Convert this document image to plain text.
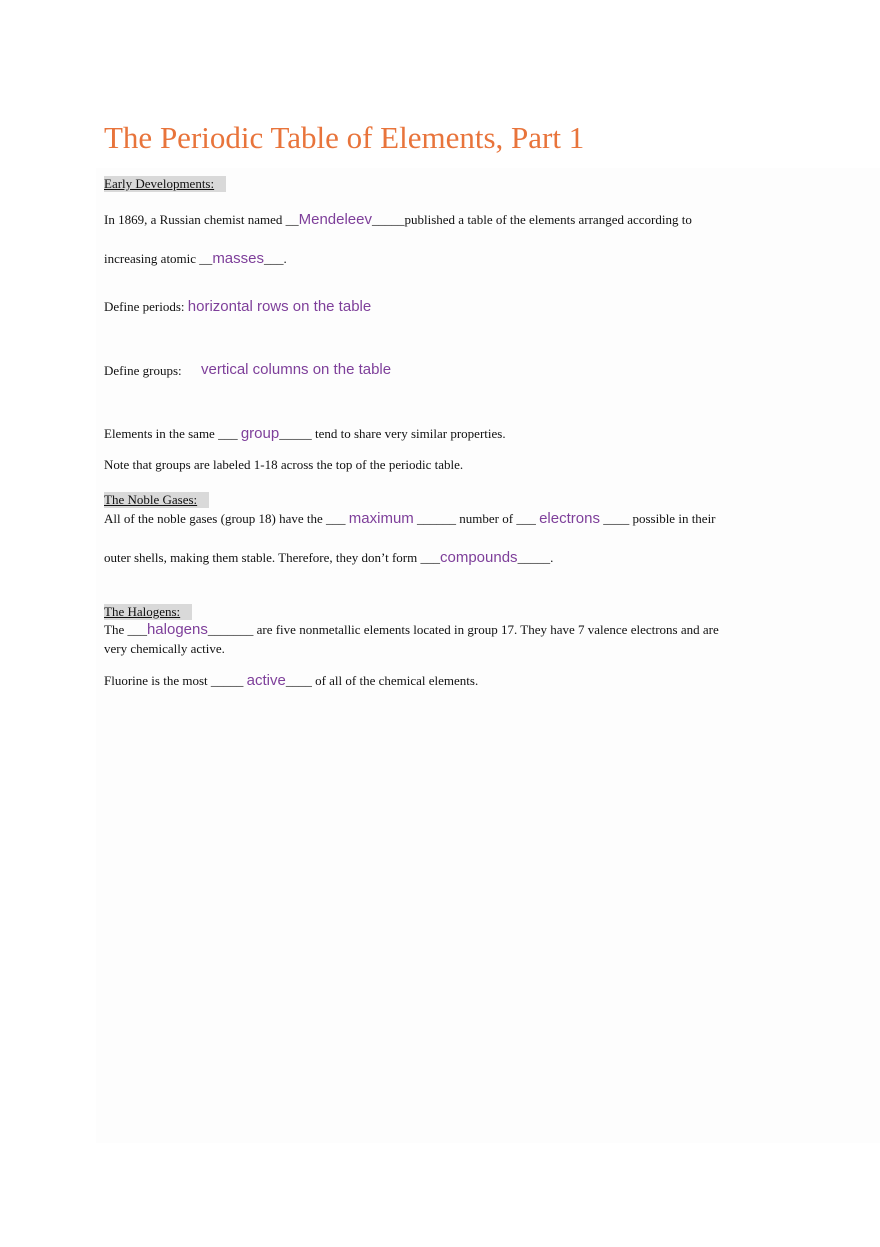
The Periodic Table of Elements, Part 1
Early Developments:
In 1869, a Russian chemist named __Mendeleev_____published a table of the elements arranged according to
increasing atomic __masses___.
Define periods: horizontal rows on the table
Define groups: vertical columns on the table
Elements in the same ___ group_____ tend to share very similar properties.
Note that groups are labeled 1-18 across the top of the periodic table.
The Noble Gases:
All of the noble gases (group 18) have the ___ maximum ______ number of ___ electrons ____ possible in their
outer shells, making them stable. Therefore, they don’t form ___compounds_____.
The Halogens:
The ___halogens_______ are five nonmetallic elements located in group 17. They have 7 valence electrons and are
very chemically active.
Fluorine is the most _____ active____ of all of the chemical elements.
